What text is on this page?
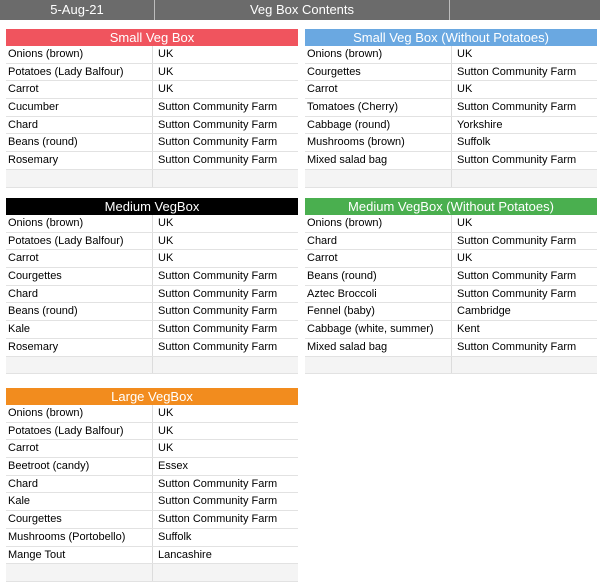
5-Aug-21	Veg Box Contents
Small Veg Box
Onions (brown)	UK
Potatoes (Lady Balfour)	UK
Carrot	UK
Cucumber	Sutton Community Farm
Chard	Sutton Community Farm
Beans (round)	Sutton Community Farm
Rosemary	Sutton Community Farm
Small Veg Box (Without Potatoes)
Onions (brown)	UK
Courgettes	Sutton Community Farm
Carrot	UK
Tomatoes (Cherry)	Sutton Community Farm
Cabbage (round)	Yorkshire
Mushrooms (brown)	Suffolk
Mixed salad bag	Sutton Community Farm
Medium VegBox
Onions (brown)	UK
Potatoes (Lady Balfour)	UK
Carrot	UK
Courgettes	Sutton Community Farm
Chard	Sutton Community Farm
Beans (round)	Sutton Community Farm
Kale	Sutton Community Farm
Rosemary	Sutton Community Farm
Medium VegBox (Without Potatoes)
Onions (brown)	UK
Chard	Sutton Community Farm
Carrot	UK
Beans (round)	Sutton Community Farm
Aztec Broccoli	Sutton Community Farm
Fennel (baby)	Cambridge
Cabbage (white, summer) Kent
Mixed salad bag	Sutton Community Farm
Large VegBox
Onions (brown)	UK
Potatoes (Lady Balfour)	UK
Carrot	UK
Beetroot (candy)	Essex
Chard	Sutton Community Farm
Kale	Sutton Community Farm
Courgettes	Sutton Community Farm
Mushrooms (Portobello)	Suffolk
Mange Tout	Lancashire
